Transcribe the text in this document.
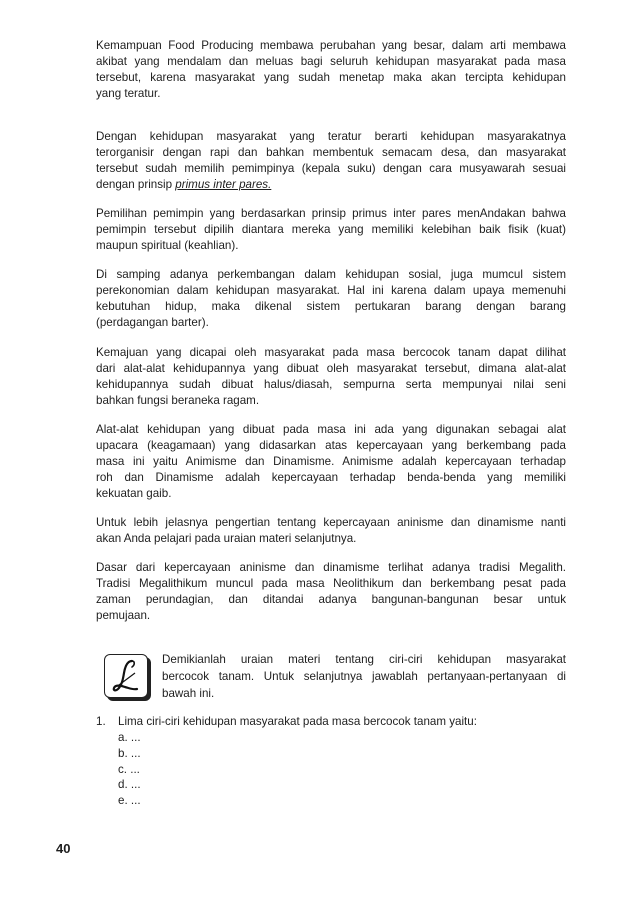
Kemampuan Food Producing membawa perubahan yang besar, dalam arti membawa
akibat yang mendalam dan meluas bagi seluruh kehidupan masyarakat pada masa
tersebut, karena masyarakat yang sudah menetap maka akan tercipta kehidupan
yang teratur.
Dengan kehidupan masyarakat yang teratur berarti kehidupan masyarakatnya
terorganisir dengan rapi dan bahkan membentuk semacam desa, dan masyarakat
tersebut sudah memilih pemimpinya (kepala suku) dengan cara musyawarah sesuai
dengan prinsip primus inter pares.
Pemilihan pemimpin yang berdasarkan prinsip primus inter pares menAndakan bahwa
pemimpin tersebut dipilih diantara mereka yang memiliki kelebihan baik fisik (kuat)
maupun spiritual (keahlian).
Di samping adanya perkembangan dalam kehidupan sosial, juga mumcul sistem
perekonomian dalam kehidupan masyarakat. Hal ini karena dalam upaya memenuhi
kebutuhan hidup, maka dikenal sistem pertukaran barang dengan barang
(perdagangan barter).
Kemajuan yang dicapai oleh masyarakat pada masa bercocok tanam dapat dilihat
dari alat-alat kehidupannya yang dibuat oleh masyarakat tersebut, dimana alat-alat
kehidupannya sudah dibuat halus/diasah, sempurna serta mempunyai nilai seni
bahkan fungsi beraneka ragam.
Alat-alat kehidupan yang dibuat pada masa ini ada yang digunakan sebagai alat
upacara (keagamaan) yang didasarkan atas kepercayaan yang berkembang pada
masa ini yaitu Animisme dan Dinamisme. Animisme adalah kepercayaan terhadap
roh dan Dinamisme adalah kepercayaan terhadap benda-benda yang memiliki
kekuatan gaib.
Untuk lebih jelasnya pengertian tentang kepercayaan aninisme dan dinamisme nanti
akan Anda pelajari pada uraian materi selanjutnya.
Dasar dari kepercayaan aninisme dan dinamisme terlihat adanya tradisi Megalith.
Tradisi Megalithikum muncul pada masa Neolithikum dan berkembang pesat pada
zaman perundagian, dan ditandai adanya bangunan-bangunan besar untuk
pemujaan.
Demikianlah uraian materi tentang ciri-ciri kehidupan masyarakat
bercocok tanam. Untuk selanjutnya jawablah pertanyaan-pertanyaan di
bawah ini.
1. Lima ciri-ciri kehidupan masyarakat pada masa bercocok tanam yaitu:
a. ...
b. ...
c. ...
d. ...
e. ...
40
